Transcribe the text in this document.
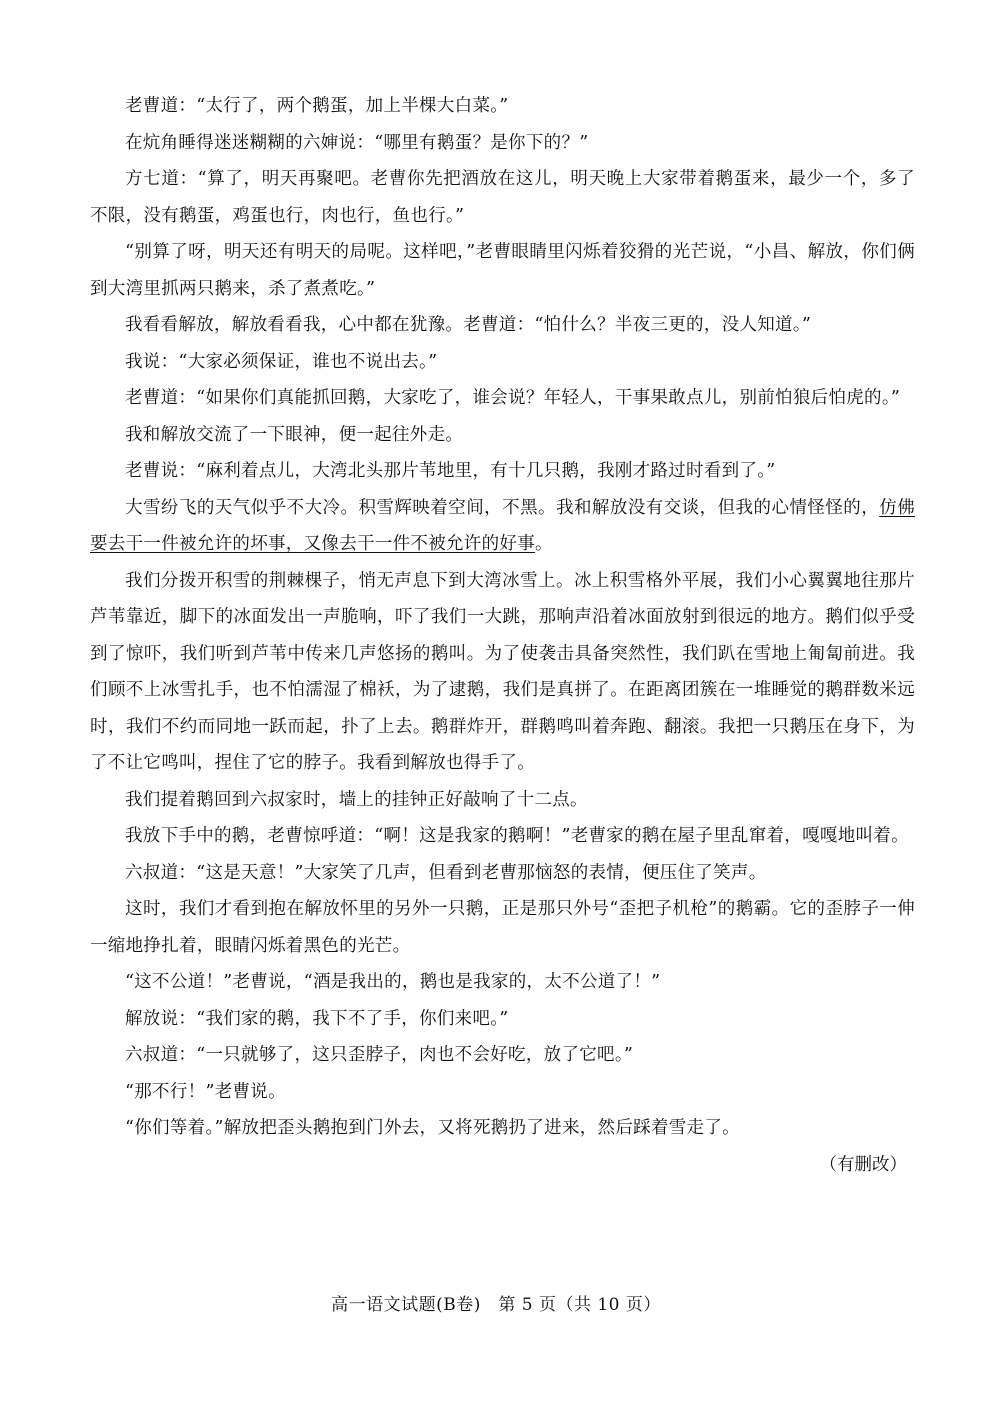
老曹道：“太行了，两个鹅蛋，加上半棵大白菜。”

在炕角睡得迷迷糊糊的六婶说：“哪里有鹅蛋？是你下的？”

方七道：“算了，明天再聚吧。老曹你先把酒放在这儿，明天晚上大家带着鹅蛋来，最少一个，多了不限，没有鹅蛋，鸡蛋也行，肉也行，鱼也行。”

“别算了呀，明天还有明天的局呢。这样吧，”老曹眼睛里闪烁着狡猾的光芒说，“小昌、解放，你们俩到大湾里抓两只鹅来，杀了煮煮吃。”

我看看解放，解放看看我，心中都在犹豫。老曹道：“怕什么？半夜三更的，没人知道。”

我说：“大家必须保证，谁也不说出去。”

老曹道：“如果你们真能抓回鹅，大家吃了，谁会说？年轻人，干事果敢点儿，别前怕狼后怕虎的。”

我和解放交流了一下眼神，便一起往外走。

老曹说：“麻利着点儿，大湾北头那片苇地里，有十几只鹅，我刚才路过时看到了。”

大雪纷飞的天气似乎不大冷。积雪辉映着空间，不黑。我和解放没有交谈，但我的心情怪怪的，仿佛要去干一件被允许的坏事，又像去干一件不被允许的好事。

我们分拨开积雪的荆棘棵子，悄无声息下到大湾冰雪上。冰上积雪格外平展，我们小心翼翼地往那片芦苇靠近，脚下的冰面发出一声脆响，吓了我们一大跳，那响声沿着冰面放射到很远的地方。鹅们似乎受到了惊吓，我们听到芦苇中传来几声悠扬的鹅叫。为了使袭击具备突然性，我们趴在雪地上匍匐前进。我们顾不上冰雪扎手，也不怕濡湿了棉袄，为了逮鹅，我们是真拼了。在距离团簇在一堆睡觉的鹅群数米远时，我们不约而同地一跃而起，扑了上去。鹅群炸开，群鹅鸣叫着奔跑、翻滚。我把一只鹅压在身下，为了不让它鸣叫，捏住了它的脖子。我看到解放也得手了。

我们提着鹅回到六叔家时，墙上的挂钟正好敲响了十二点。

我放下手中的鹅，老曹惊呼道：“啊！这是我家的鹅啊！”老曹家的鹅在屋子里乱窜着，嘎嘎地叫着。

六叔道：“这是天意！”大家笑了几声，但看到老曹那恼怒的表情，便压住了笑声。

这时，我们才看到抱在解放怀里的另外一只鹅，正是那只外号“歪把子机枪”的鹅霸。它的歪脖子一伸一缩地挣扎着，眼睛闪烁着黑色的光芒。

“这不公道！”老曹说，“酒是我出的，鹅也是我家的，太不公道了！”

解放说：“我们家的鹅，我下不了手，你们来吧。”

六叔道：“一只就够了，这只歪脖子，肉也不会好吃，放了它吧。”

“那不行！”老曹说。

“你们等着。”解放把歪头鹅抱到门外去，又将死鹅扔了进来，然后踩着雪走了。

（有删改）

高一语文试题(B卷)　第 5 页（共 10 页）
